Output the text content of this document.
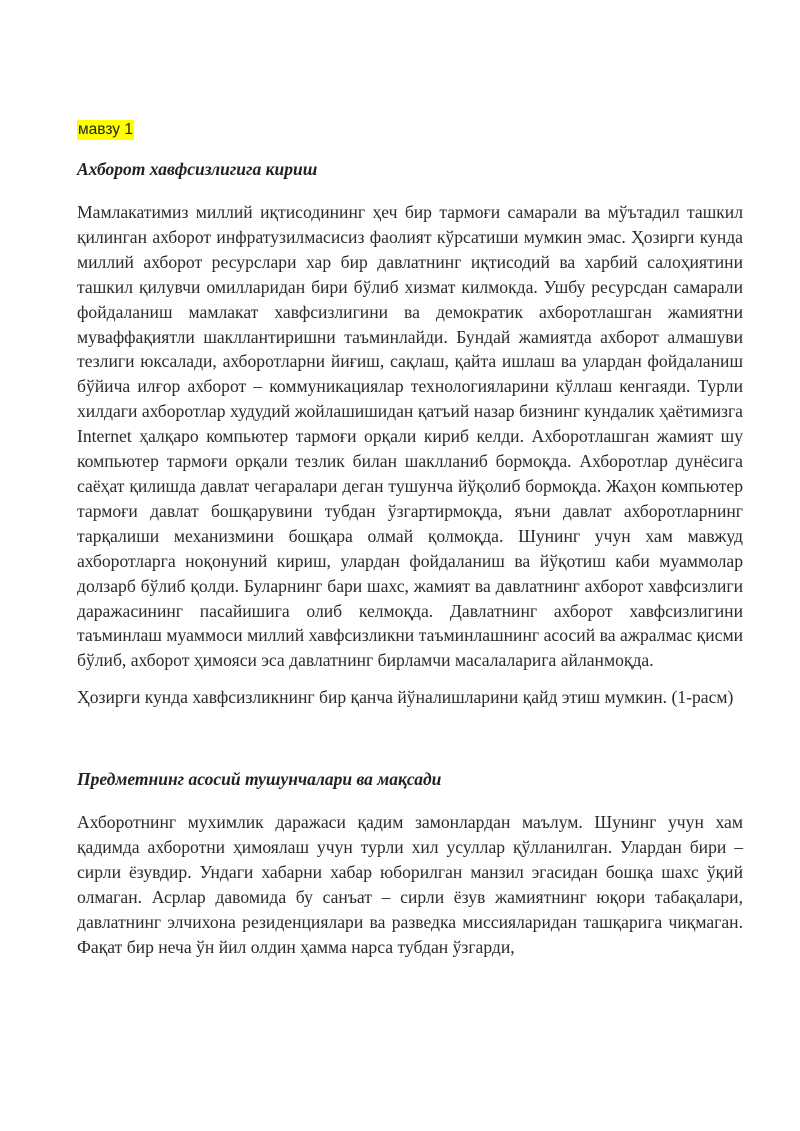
мавзу 1
Ахборот хавфсизлигига кириш

Мамлакатимиз миллий иқтисодининг ҳеч бир тармоғи самарали ва мўътадил ташкил қилинган ахборот инфратузилмасисиз фаолият кўрсатиши мумкин эмас. Ҳозирги кунда миллий ахборот ресурслари хар бир давлатнинг иқтисодий ва харбий салоҳиятини ташкил қилувчи омилларидан бири бўлиб хизмат килмокда. Ушбу ресурсдан самарали фойдаланиш мамлакат хавфсизлигини ва демократик ахборотлашган жамиятни муваффақиятли шакллантиришни таъминлайди. Бундай жамиятда ахборот алмашуви тезлиги юксалади, ахборотларни йиғиш, сақлаш, қайта ишлаш ва улардан фойдаланиш бўйича илғор ахборот – коммуникациялар технологияларини кўллаш кенгаяди. Турли хилдаги ахборотлар худудий жойлашишидан қатъий назар бизнинг кундалик ҳаётимизга Internet ҳалқаро компьютер тармоғи орқали кириб келди. Ахборотлашган жамият шу компьютер тармоғи орқали тезлик билан шаклланиб бормоқда. Ахборотлар дунёсига саёҳат қилишда давлат чегаралари деган тушунча йўқолиб бормоқда. Жаҳон компьютер тармоғи давлат бошқарувини тубдан ўзгартирмоқда, яъни давлат ахборотларнинг тарқалиши механизмини бошқара олмай қолмоқда. Шунинг учун хам мавжуд ахборотларга ноқонуний кириш, улардан фойдаланиш ва йўқотиш каби муаммолар долзарб бўлиб қолди. Буларнинг бари шахс, жамият ва давлатнинг ахборот хавфсизлиги даражасининг пасайишига олиб келмоқда. Давлатнинг ахборот хавфсизлигини таъминлаш муаммоси миллий хавфсизликни таъминлашнинг асосий ва ажралмас қисми бўлиб, ахборот ҳимояси эса давлатнинг бирламчи масалаларига айланмоқда.

Ҳозирги кунда хавфсизликнинг бир қанча йўналишларини қайд этиш мумкин. (1-расм)

Предметнинг асосий тушунчалари ва мақсади

Ахборотнинг мухимлик даражаси қадим замонлардан маълум. Шунинг учун хам қадимда ахборотни ҳимоялаш учун турли хил усуллар қўлланилган. Улардан бири – сирли ёзувдир. Ундаги хабарни хабар юборилган манзил эгасидан бошқа шахс ўқий олмаган. Асрлар давомида бу санъат – сирли ёзув жамиятнинг юқори табақалари, давлатнинг элчихона резиденциялари ва разведка миссияларидан ташқарига чиқмаган. Фақат бир неча ўн йил олдин ҳамма нарса тубдан ўзгарди,
